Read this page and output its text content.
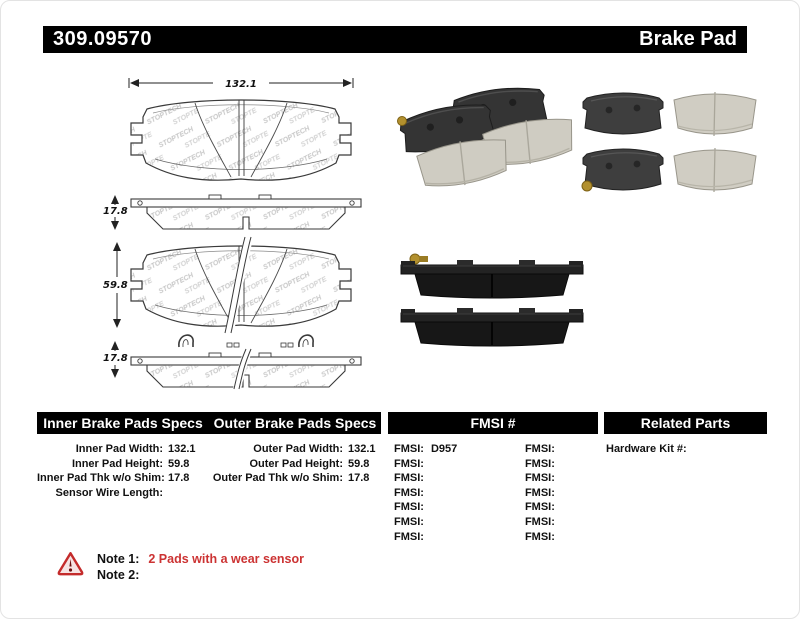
309.09570	Brake Pad
132.1
17.8
59.8
17.8
Inner Brake Pads Specs Outer Brake Pads Specs	FMSI #	Related Parts
Inner Pad Width: 132.1
Inner Pad Height: 59.8
Inner Pad Thk w/o Shim: 17.8
Sensor Wire Length:
Outer Pad Width: 132.1
Outer Pad Height: 59.8
Outer Pad Thk w/o Shim: 17.8
FMSI: D957
FMSI:
FMSI:
FMSI:
FMSI:
FMSI:
FMSI:
FMSI:
FMSI:
FMSI:
FMSI:
FMSI:
FMSI:
FMSI:
Hardware Kit #:
Note 1: 2 Pads with a wear sensor
Note 2:
